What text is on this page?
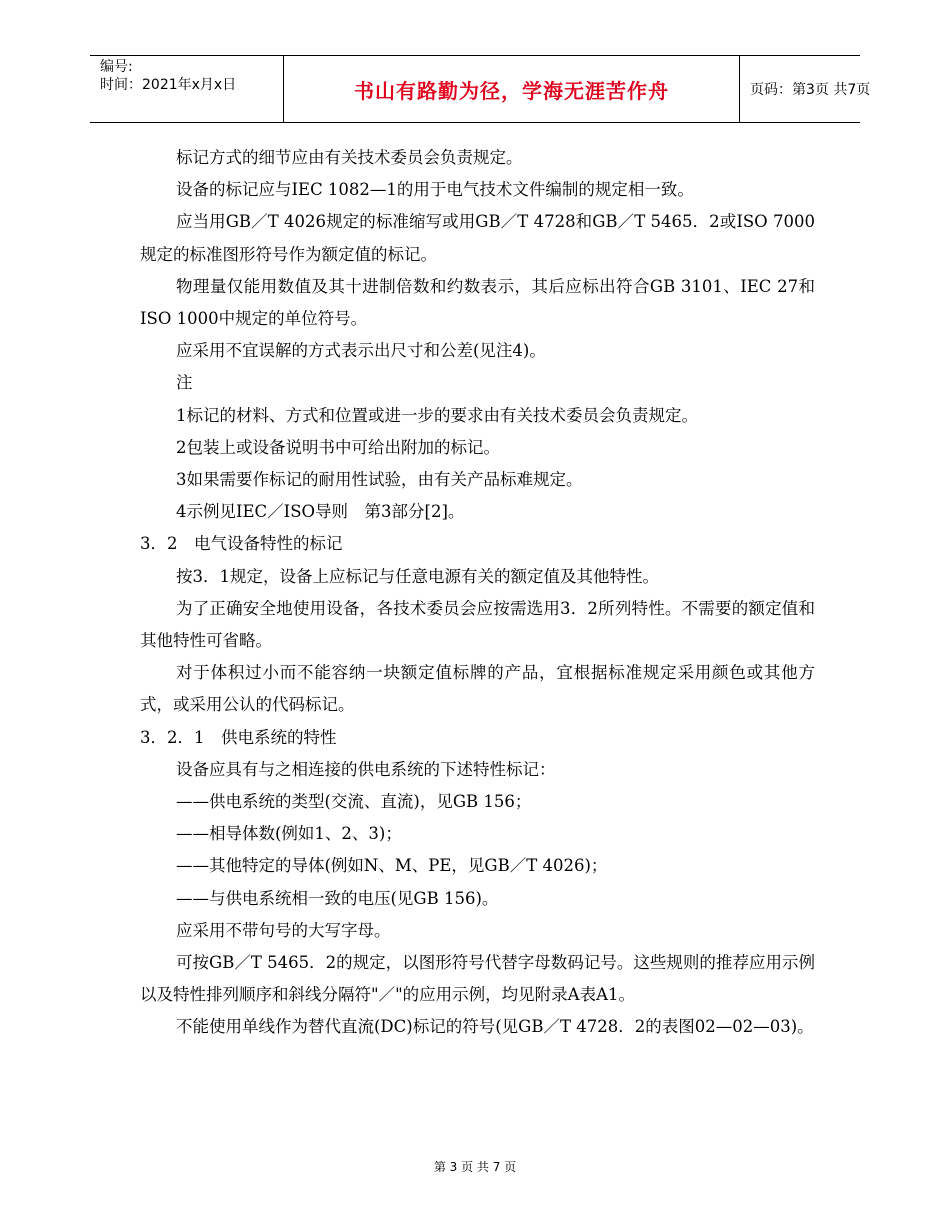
编号:
时间：2021年x月x日	书山有路勤为径，学海无涯苦作舟	页码：第3页 共7页

标记方式的细节应由有关技术委员会负责规定。

设备的标记应与IEC 1082—1的用于电气技术文件编制的规定相一致。

应当用GB／T 4026规定的标准缩写或用GB／T 4728和GB／T 5465．2或ISO 7000规定的标准图形符号作为额定值的标记。

物理量仅能用数值及其十进制倍数和约数表示，其后应标出符合GB 3101、IEC 27和ISO 1000中规定的单位符号。

应采用不宜误解的方式表示出尺寸和公差(见注4)。

注

1标记的材料、方式和位置或进一步的要求由有关技术委员会负责规定。

2包装上或设备说明书中可给出附加的标记。

3如果需要作标记的耐用性试验，由有关产品标难规定。

4示例见IEC／ISO导则　第3部分[2]。

3．2　电气设备特性的标记

按3．1规定，设备上应标记与任意电源有关的额定值及其他特性。

为了正确安全地使用设备，各技术委员会应按需选用3．2所列特性。不需要的额定值和其他特性可省略。

对于体积过小而不能容纳一块额定值标牌的产品，宜根据标准规定采用颜色或其他方式，或采用公认的代码标记。

3．2．1　供电系统的特性

设备应具有与之相连接的供电系统的下述特性标记：

——供电系统的类型(交流、直流)，见GB 156；

——相导体数(例如1、2、3)；

——其他特定的导体(例如N、M、PE，见GB／T 4026)；

——与供电系统相一致的电压(见GB 156)。

应采用不带句号的大写字母。

可按GB／T 5465．2的规定，以图形符号代替字母数码记号。这些规则的推荐应用示例以及特性排列顺序和斜线分隔符"／"的应用示例，均见附录A表A1。

不能使用单线作为替代直流(DC)标记的符号(见GB／T 4728．2的表图02—02—03)。

第 3 页 共 7 页
